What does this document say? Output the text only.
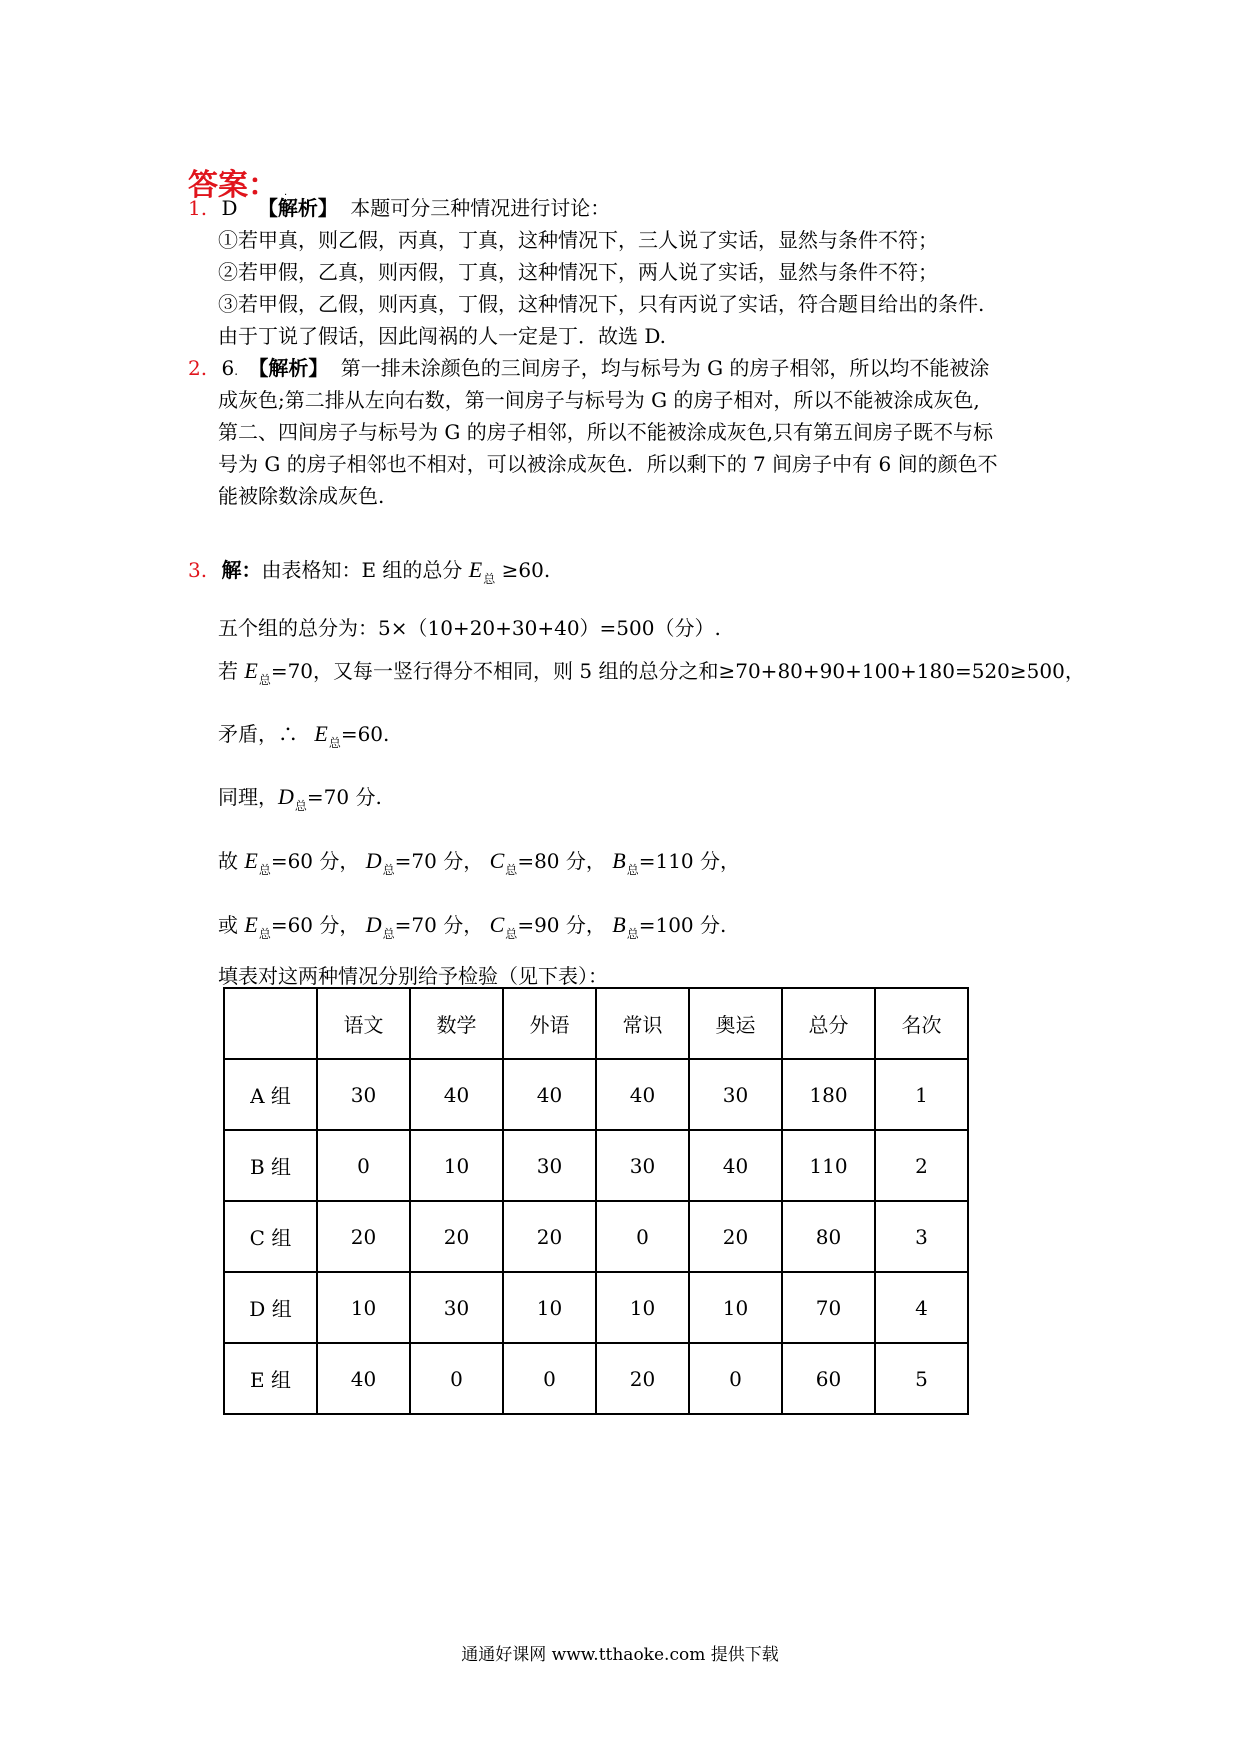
答案： .
1. D 【解析】 本题可分三种情况进行讨论：
①若甲真，则乙假，丙真，丁真，这种情况下，三人说了实话，显然与条件不符；
②若甲假，乙真，则丙假，丁真，这种情况下，两人说了实话，显然与条件不符；
③若甲假，乙假，则丙真，丁假，这种情况下，只有丙说了实话，符合题目给出的条件.
由于丁说了假话，因此闯祸的人一定是丁．故选 D.
2. 6. 【解析】 第一排未涂颜色的三间房子，均与标号为 G 的房子相邻，所以均不能被涂
成灰色;第二排从左向右数，第一间房子与标号为 G 的房子相对，所以不能被涂成灰色,
第二、四间房子与标号为 G 的房子相邻，所以不能被涂成灰色,只有第五间房子既不与标
号为 G 的房子相邻也不相对，可以被涂成灰色．所以剩下的 7 间房子中有 6 间的颜色不
能被除数涂成灰色.
3. 解：由表格知：E 组的总分 $E_总 \ge 60$.
五个组的总分为：5×（10+20+30+40）=500（分）.
若 $E_总=70$，又每一竖行得分不相同，则 5 组的总分之和≥70+80+90+100+180=520≥500，
矛盾，∴ $E_总=60$.
同理，$D_总=70$ 分.
故 $E_总=60$ 分， $D_总=70$ 分， $C_总=80$ 分， $B_总=110$ 分，
或 $E_总=60$ 分， $D_总=70$ 分， $C_总=90$ 分， $B_总=100$ 分.
填表对这两种情况分别给予检验（见下表）：
	语文	数学	外语	常识	奥运	总分	名次
A 组	30	40	40	40	30	180	1
B 组	0	10	30	30	40	110	2
C 组	20	20	20	0	20	80	3
D 组	10	30	10	10	10	70	4
E 组	40	0	0	20	0	60	5
通通好课网 www.tthaoke.com 提供下载
